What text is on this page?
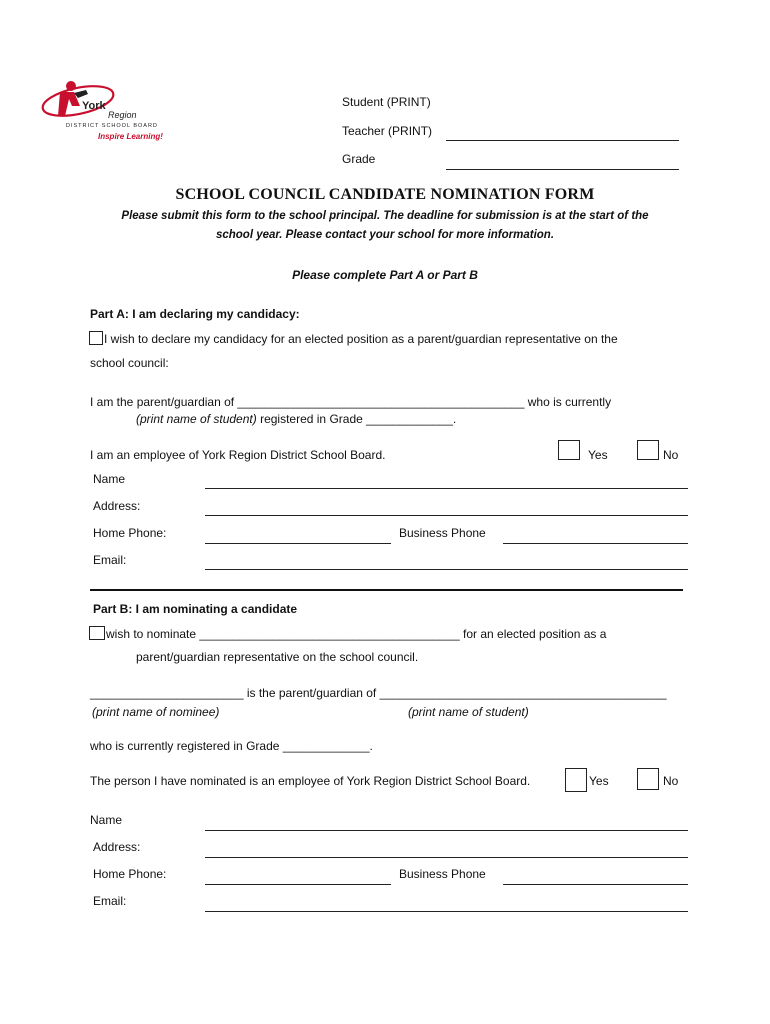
York
Region
DISTRICT SCHOOL BOARD
Inspire Learning!
Student (PRINT)
Teacher (PRINT)
Grade
SCHOOL COUNCIL CANDIDATE NOMINATION FORM
Please submit this form to the school principal. The deadline for submission is at the start of the
school year. Please contact your school for more information.
Please complete Part A or Part B
Part A: I am declaring my candidacy:
I wish to declare my candidacy for an elected position as a parent/guardian representative on the
school council:
I am the parent/guardian of ___________________________________________ who is currently
(print name of student) registered in Grade _____________.
I am an employee of York Region District School Board.	Yes	No
Name
Address:
Home Phone:	Business Phone
Email:
Part B: I am nominating a candidate
wish to nominate _______________________________________ for an elected position as a
parent/guardian representative on the school council.
_______________________ is the parent/guardian of ___________________________________________
(print name of nominee)	(print name of student)
who is currently registered in Grade _____________.
The person I have nominated is an employee of York Region District School Board.	Yes	No
Name
Address:
Home Phone:	Business Phone
Email:
